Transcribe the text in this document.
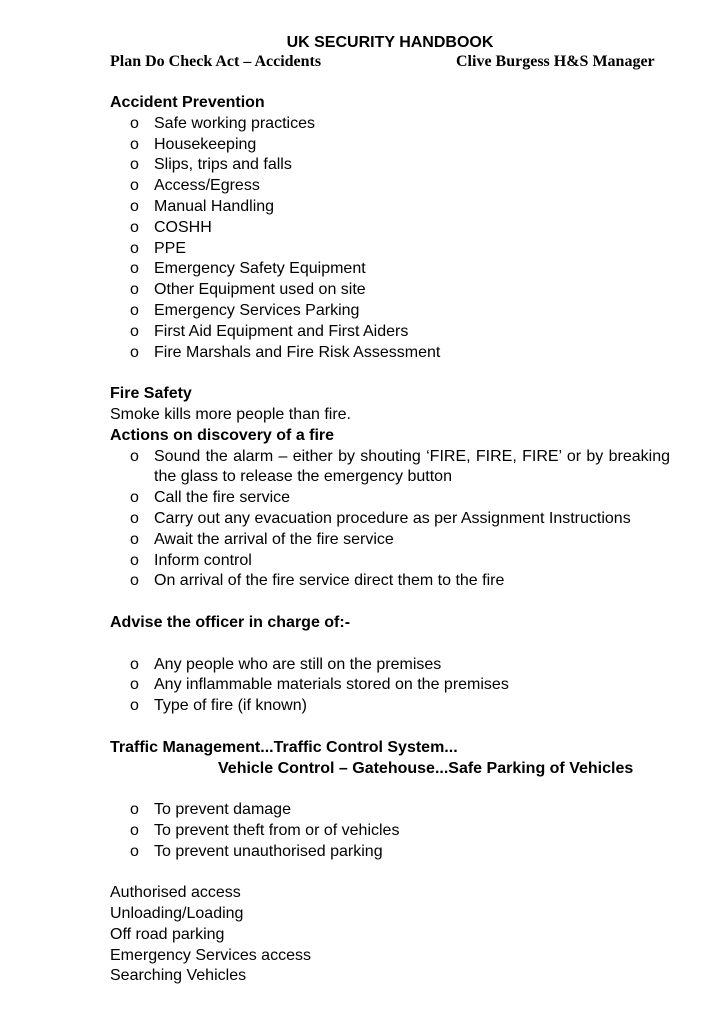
UK SECURITY HANDBOOK
Plan Do Check Act – Accidents	Clive Burgess H&S Manager
Accident Prevention
o Safe working practices
o Housekeeping
o Slips, trips and falls
o Access/Egress
o Manual Handling
o COSHH
o PPE
o Emergency Safety Equipment
o Other Equipment used on site
o Emergency Services Parking
o First Aid Equipment and First Aiders
o Fire Marshals and Fire Risk Assessment
Fire Safety
Smoke kills more people than fire.
Actions on discovery of a fire
o Sound the alarm – either by shouting ‘FIRE, FIRE, FIRE’ or by breaking the glass to release the emergency button
o Call the fire service
o Carry out any evacuation procedure as per Assignment Instructions
o Await the arrival of the fire service
o Inform control
o On arrival of the fire service direct them to the fire
Advise the officer in charge of:-
o Any people who are still on the premises
o Any inflammable materials stored on the premises
o Type of fire (if known)
Traffic Management...Traffic Control System...
Vehicle Control – Gatehouse...Safe Parking of Vehicles
o To prevent damage
o To prevent theft from or of vehicles
o To prevent unauthorised parking
Authorised access
Unloading/Loading
Off road parking
Emergency Services access
Searching Vehicles
